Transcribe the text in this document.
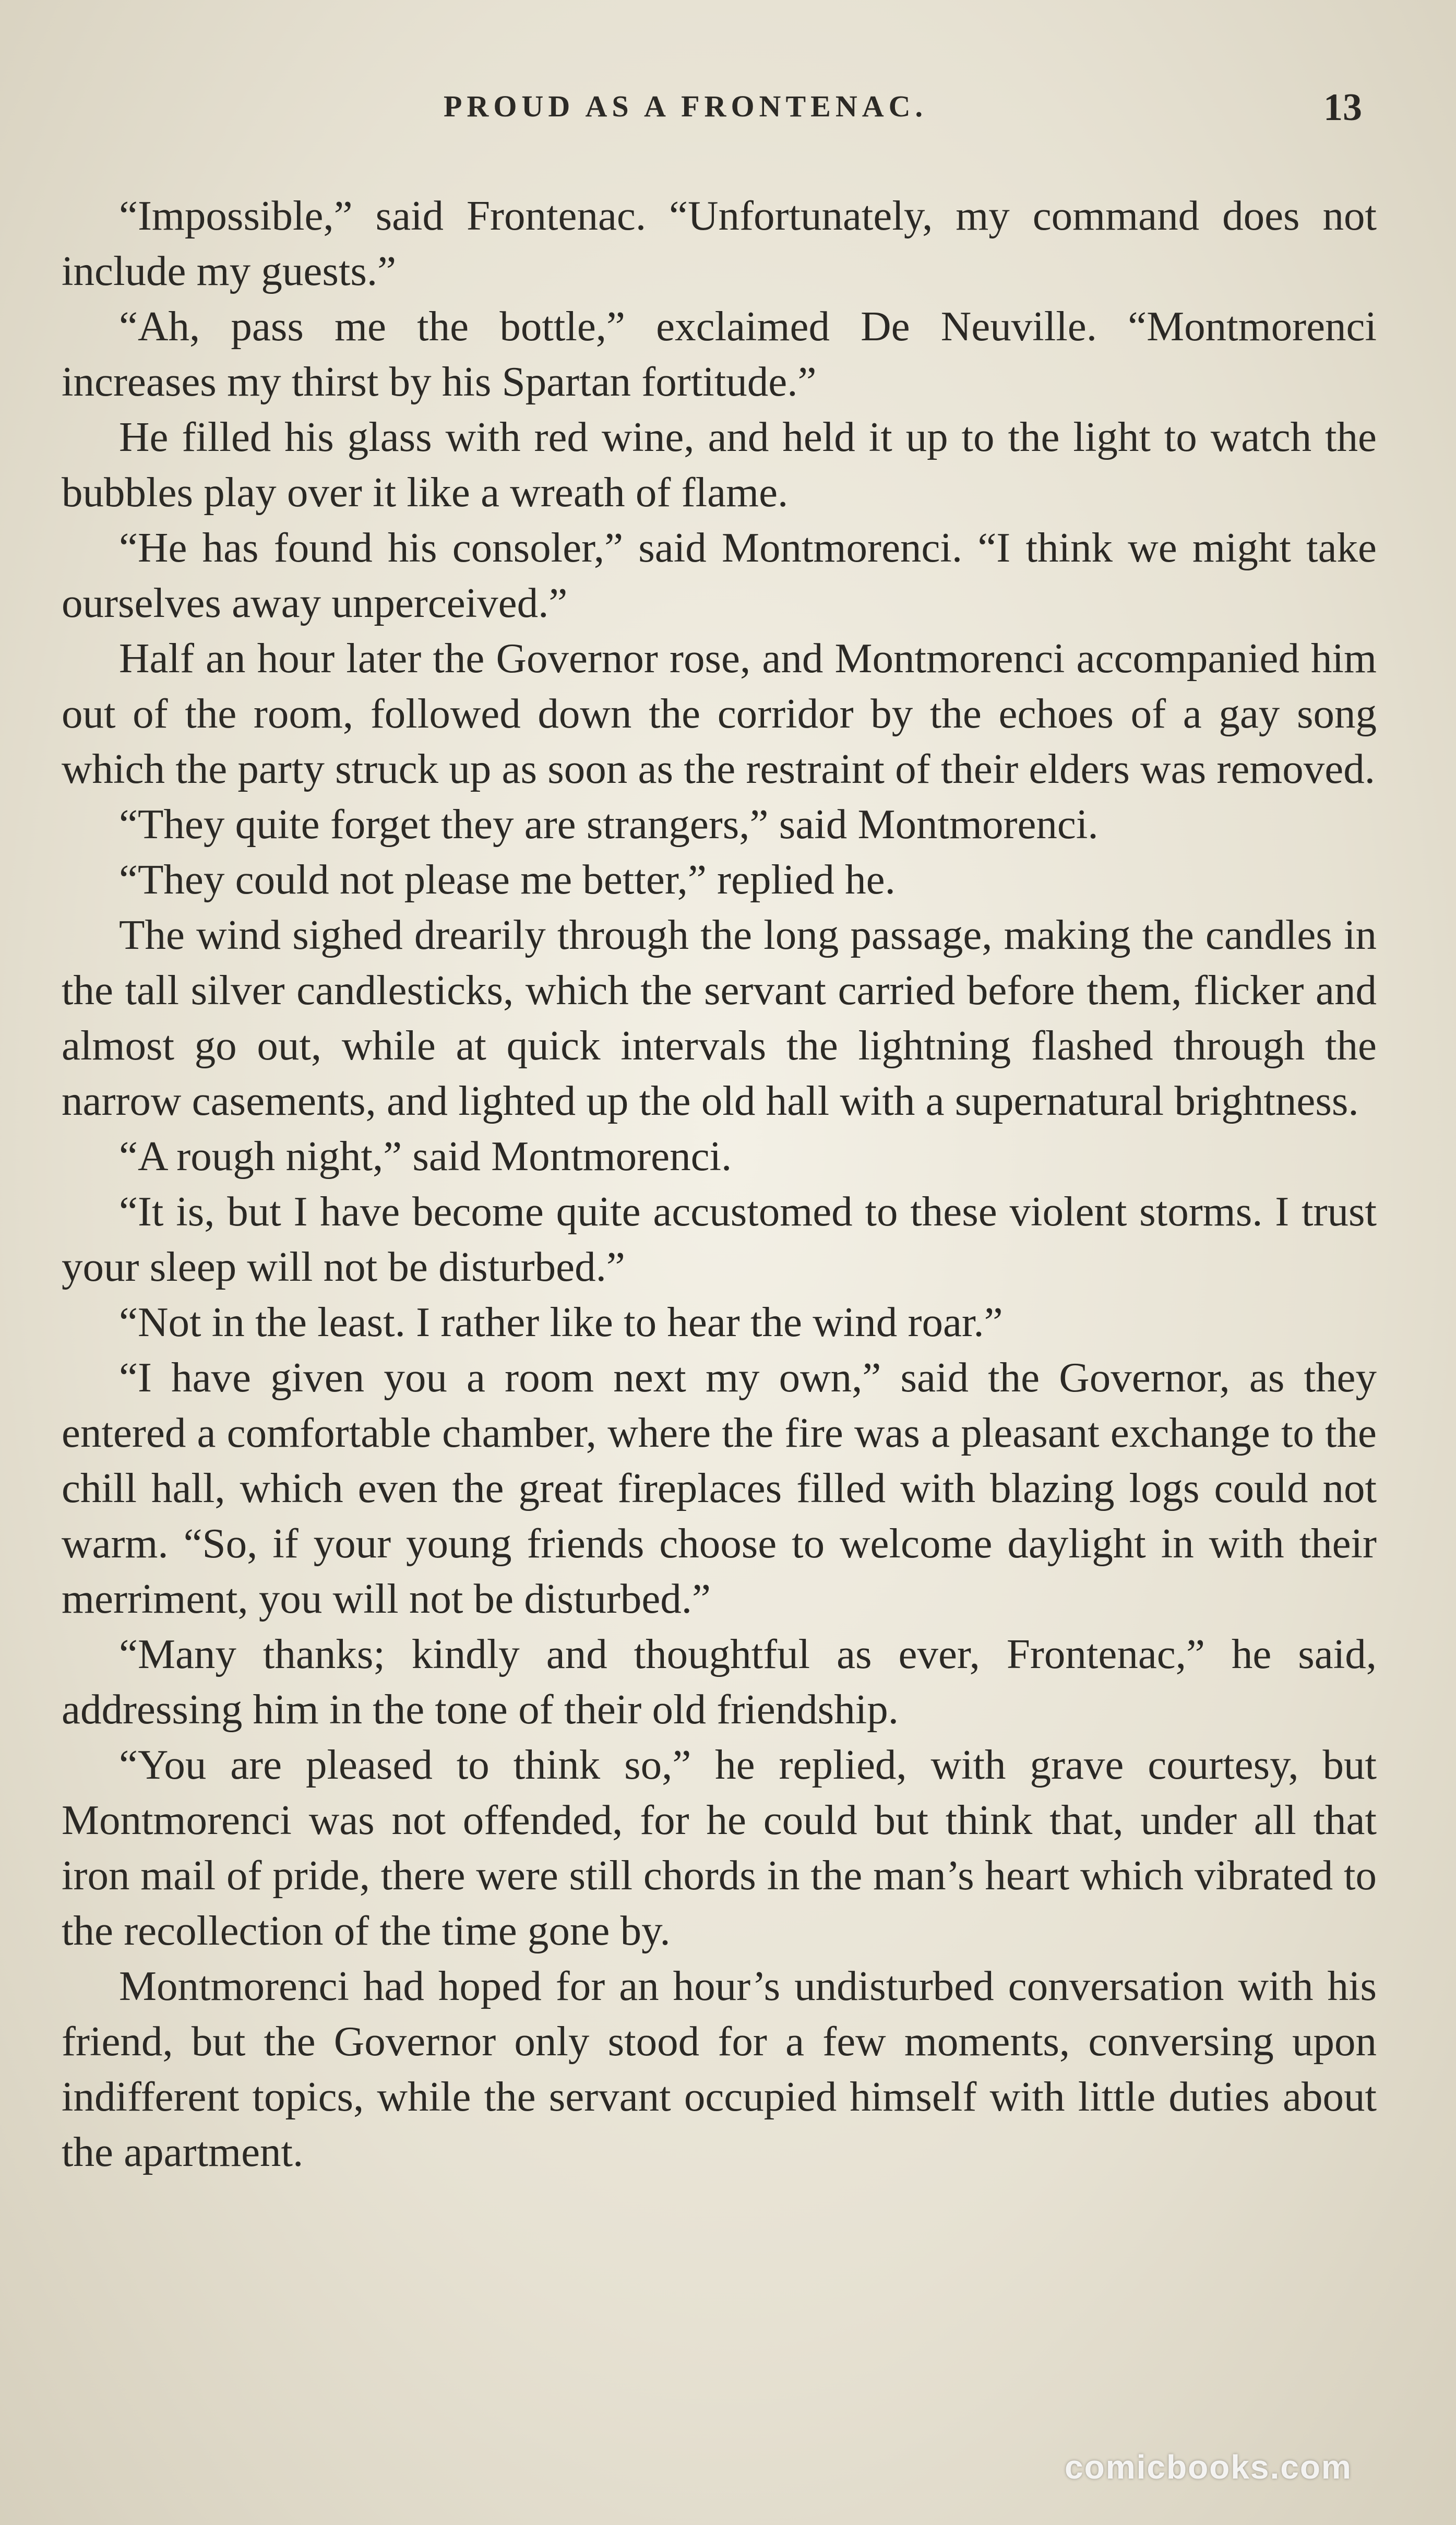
PROUD AS A FRONTENAC.	13

“Impossible,” said Frontenac. “Unfortunately, my command does not include my guests.”

“Ah, pass me the bottle,” exclaimed De Neuville. “Montmorenci increases my thirst by his Spartan fortitude.”

He filled his glass with red wine, and held it up to the light to watch the bubbles play over it like a wreath of flame.

“He has found his consoler,” said Montmorenci. “I think we might take ourselves away unperceived.”

Half an hour later the Governor rose, and Montmorenci accompanied him out of the room, followed down the corridor by the echoes of a gay song which the party struck up as soon as the restraint of their elders was removed.

“They quite forget they are strangers,” said Montmorenci.

“They could not please me better,” replied he.

The wind sighed drearily through the long passage, making the candles in the tall silver candlesticks, which the servant carried before them, flicker and almost go out, while at quick intervals the lightning flashed through the narrow casements, and lighted up the old hall with a supernatural brightness.

“A rough night,” said Montmorenci.

“It is, but I have become quite accustomed to these violent storms. I trust your sleep will not be disturbed.”

“Not in the least. I rather like to hear the wind roar.”

“I have given you a room next my own,” said the Governor, as they entered a comfortable chamber, where the fire was a pleasant exchange to the chill hall, which even the great fireplaces filled with blazing logs could not warm. “So, if your young friends choose to welcome daylight in with their merriment, you will not be disturbed.”

“Many thanks; kindly and thoughtful as ever, Frontenac,” he said, addressing him in the tone of their old friendship.

“You are pleased to think so,” he replied, with grave courtesy, but Montmorenci was not offended, for he could but think that, under all that iron mail of pride, there were still chords in the man’s heart which vibrated to the recollection of the time gone by.

Montmorenci had hoped for an hour’s undisturbed conversation with his friend, but the Governor only stood for a few moments, conversing upon indifferent topics, while the servant occupied himself with little duties about the apartment.

comicbooks.com
